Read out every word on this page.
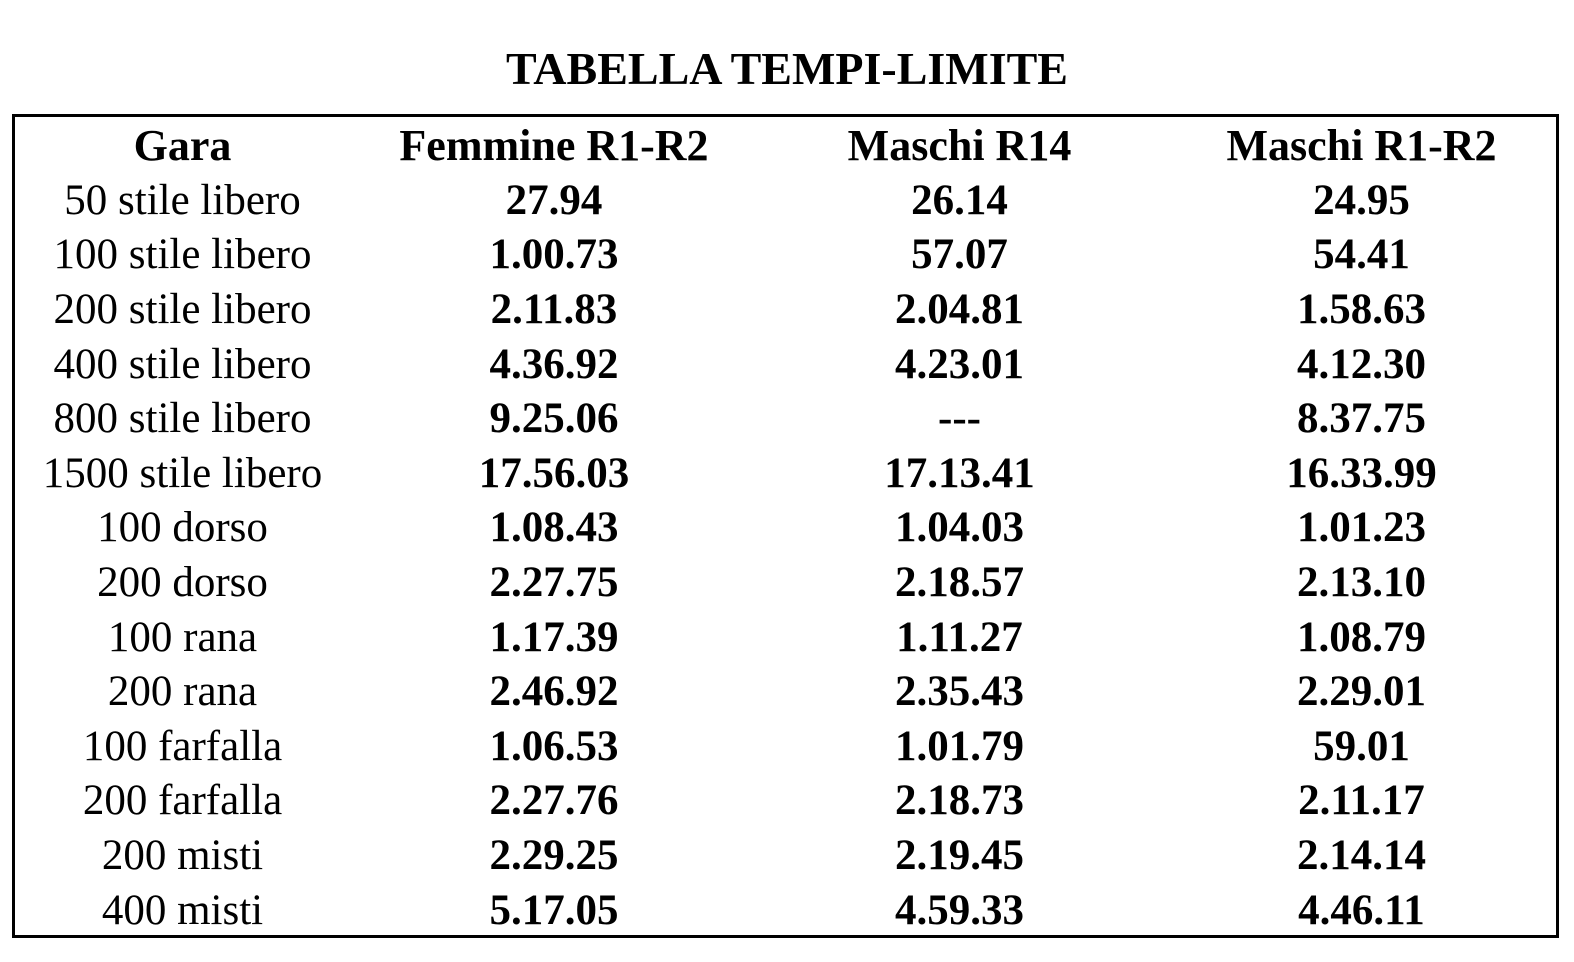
TABELLA TEMPI-LIMITE
Gara	Femmine R1-R2	Maschi R14	Maschi R1-R2
50 stile libero	27.94	26.14	24.95
100 stile libero	1.00.73	57.07	54.41
200 stile libero	2.11.83	2.04.81	1.58.63
400 stile libero	4.36.92	4.23.01	4.12.30
800 stile libero	9.25.06	---	8.37.75
1500 stile libero	17.56.03	17.13.41	16.33.99
100 dorso	1.08.43	1.04.03	1.01.23
200 dorso	2.27.75	2.18.57	2.13.10
100 rana	1.17.39	1.11.27	1.08.79
200 rana	2.46.92	2.35.43	2.29.01
100 farfalla	1.06.53	1.01.79	59.01
200 farfalla	2.27.76	2.18.73	2.11.17
200 misti	2.29.25	2.19.45	2.14.14
400 misti	5.17.05	4.59.33	4.46.11
